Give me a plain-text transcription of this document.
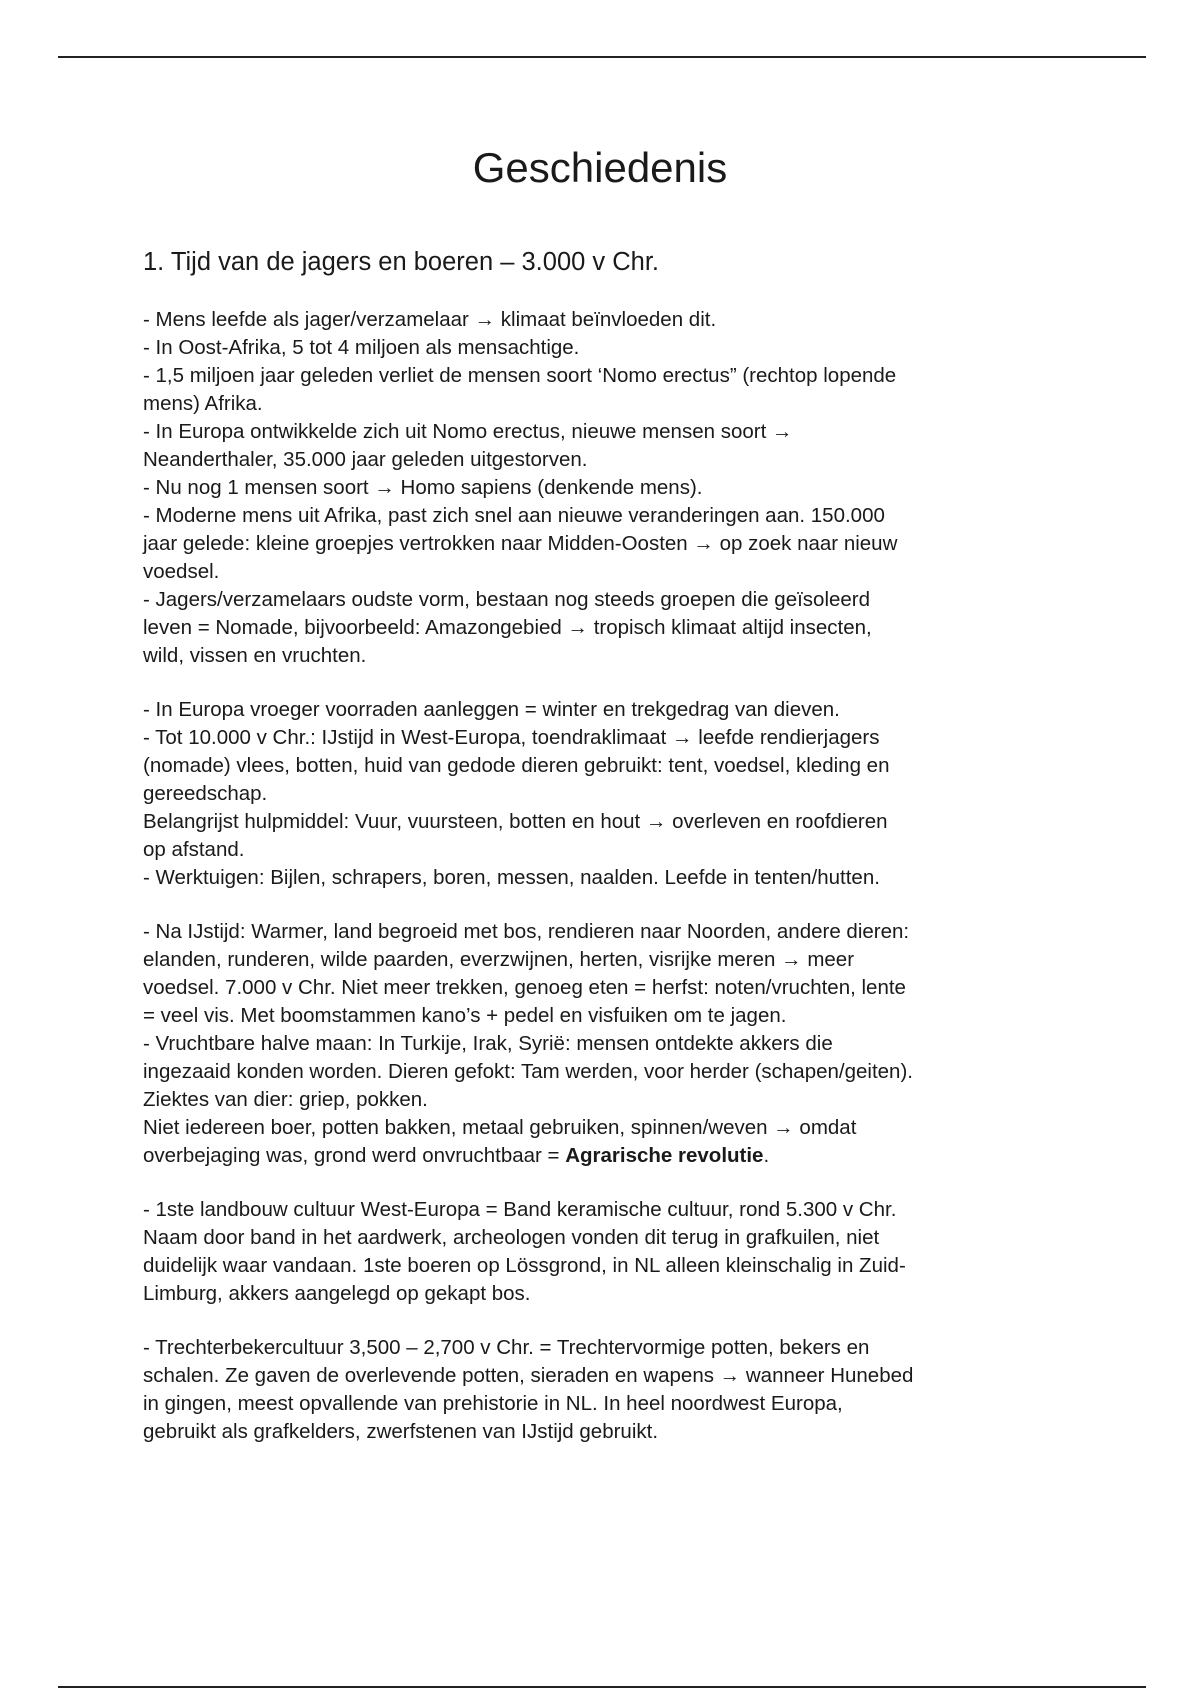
Geschiedenis
1. Tijd van de jagers en boeren – 3.000 v Chr.
- Mens leefde als jager/verzamelaar → klimaat beïnvloeden dit.
- In Oost-Afrika, 5 tot 4 miljoen als mensachtige.
- 1,5 miljoen jaar geleden verliet de mensen soort ‘Nomo erectus” (rechtop lopende
mens) Afrika.
- In Europa ontwikkelde zich uit Nomo erectus, nieuwe mensen soort →
Neanderthaler, 35.000 jaar geleden uitgestorven.
- Nu nog 1 mensen soort → Homo sapiens (denkende mens).
- Moderne mens uit Afrika, past zich snel aan nieuwe veranderingen aan. 150.000
jaar gelede: kleine groepjes vertrokken naar Midden-Oosten → op zoek naar nieuw
voedsel.
- Jagers/verzamelaars oudste vorm, bestaan nog steeds groepen die geïsoleerd
leven = Nomade, bijvoorbeeld: Amazongebied → tropisch klimaat altijd insecten,
wild, vissen en vruchten.
- In Europa vroeger voorraden aanleggen = winter en trekgedrag van dieven.
- Tot 10.000 v Chr.: IJstijd in West-Europa, toendraklimaat → leefde rendierjagers
(nomade) vlees, botten, huid van gedode dieren gebruikt: tent, voedsel, kleding en
gereedschap.
Belangrijst hulpmiddel: Vuur, vuursteen, botten en hout → overleven en roofdieren
op afstand.
- Werktuigen: Bijlen, schrapers, boren, messen, naalden. Leefde in tenten/hutten.
- Na IJstijd: Warmer, land begroeid met bos, rendieren naar Noorden, andere dieren:
elanden, runderen, wilde paarden, everzwijnen, herten, visrijke meren → meer
voedsel. 7.000 v Chr. Niet meer trekken, genoeg eten = herfst: noten/vruchten, lente
= veel vis. Met boomstammen kano’s + pedel en visfuiken om te jagen.
- Vruchtbare halve maan: In Turkije, Irak, Syrië: mensen ontdekte akkers die
ingezaaid konden worden. Dieren gefokt: Tam werden, voor herder (schapen/geiten).
Ziektes van dier: griep, pokken.
Niet iedereen boer, potten bakken, metaal gebruiken, spinnen/weven → omdat
overbejaging was, grond werd onvruchtbaar = Agrarische revolutie.
- 1ste landbouw cultuur West-Europa = Band keramische cultuur, rond 5.300 v Chr.
Naam door band in het aardwerk, archeologen vonden dit terug in grafkuilen, niet
duidelijk waar vandaan. 1ste boeren op Lössgrond, in NL alleen kleinschalig in Zuid-
Limburg, akkers aangelegd op gekapt bos.
- Trechterbekercultuur 3,500 – 2,700 v Chr. = Trechtervormige potten, bekers en
schalen. Ze gaven de overlevende potten, sieraden en wapens → wanneer Hunebed
in gingen, meest opvallende van prehistorie in NL. In heel noordwest Europa,
gebruikt als grafkelders, zwerfstenen van IJstijd gebruikt.
